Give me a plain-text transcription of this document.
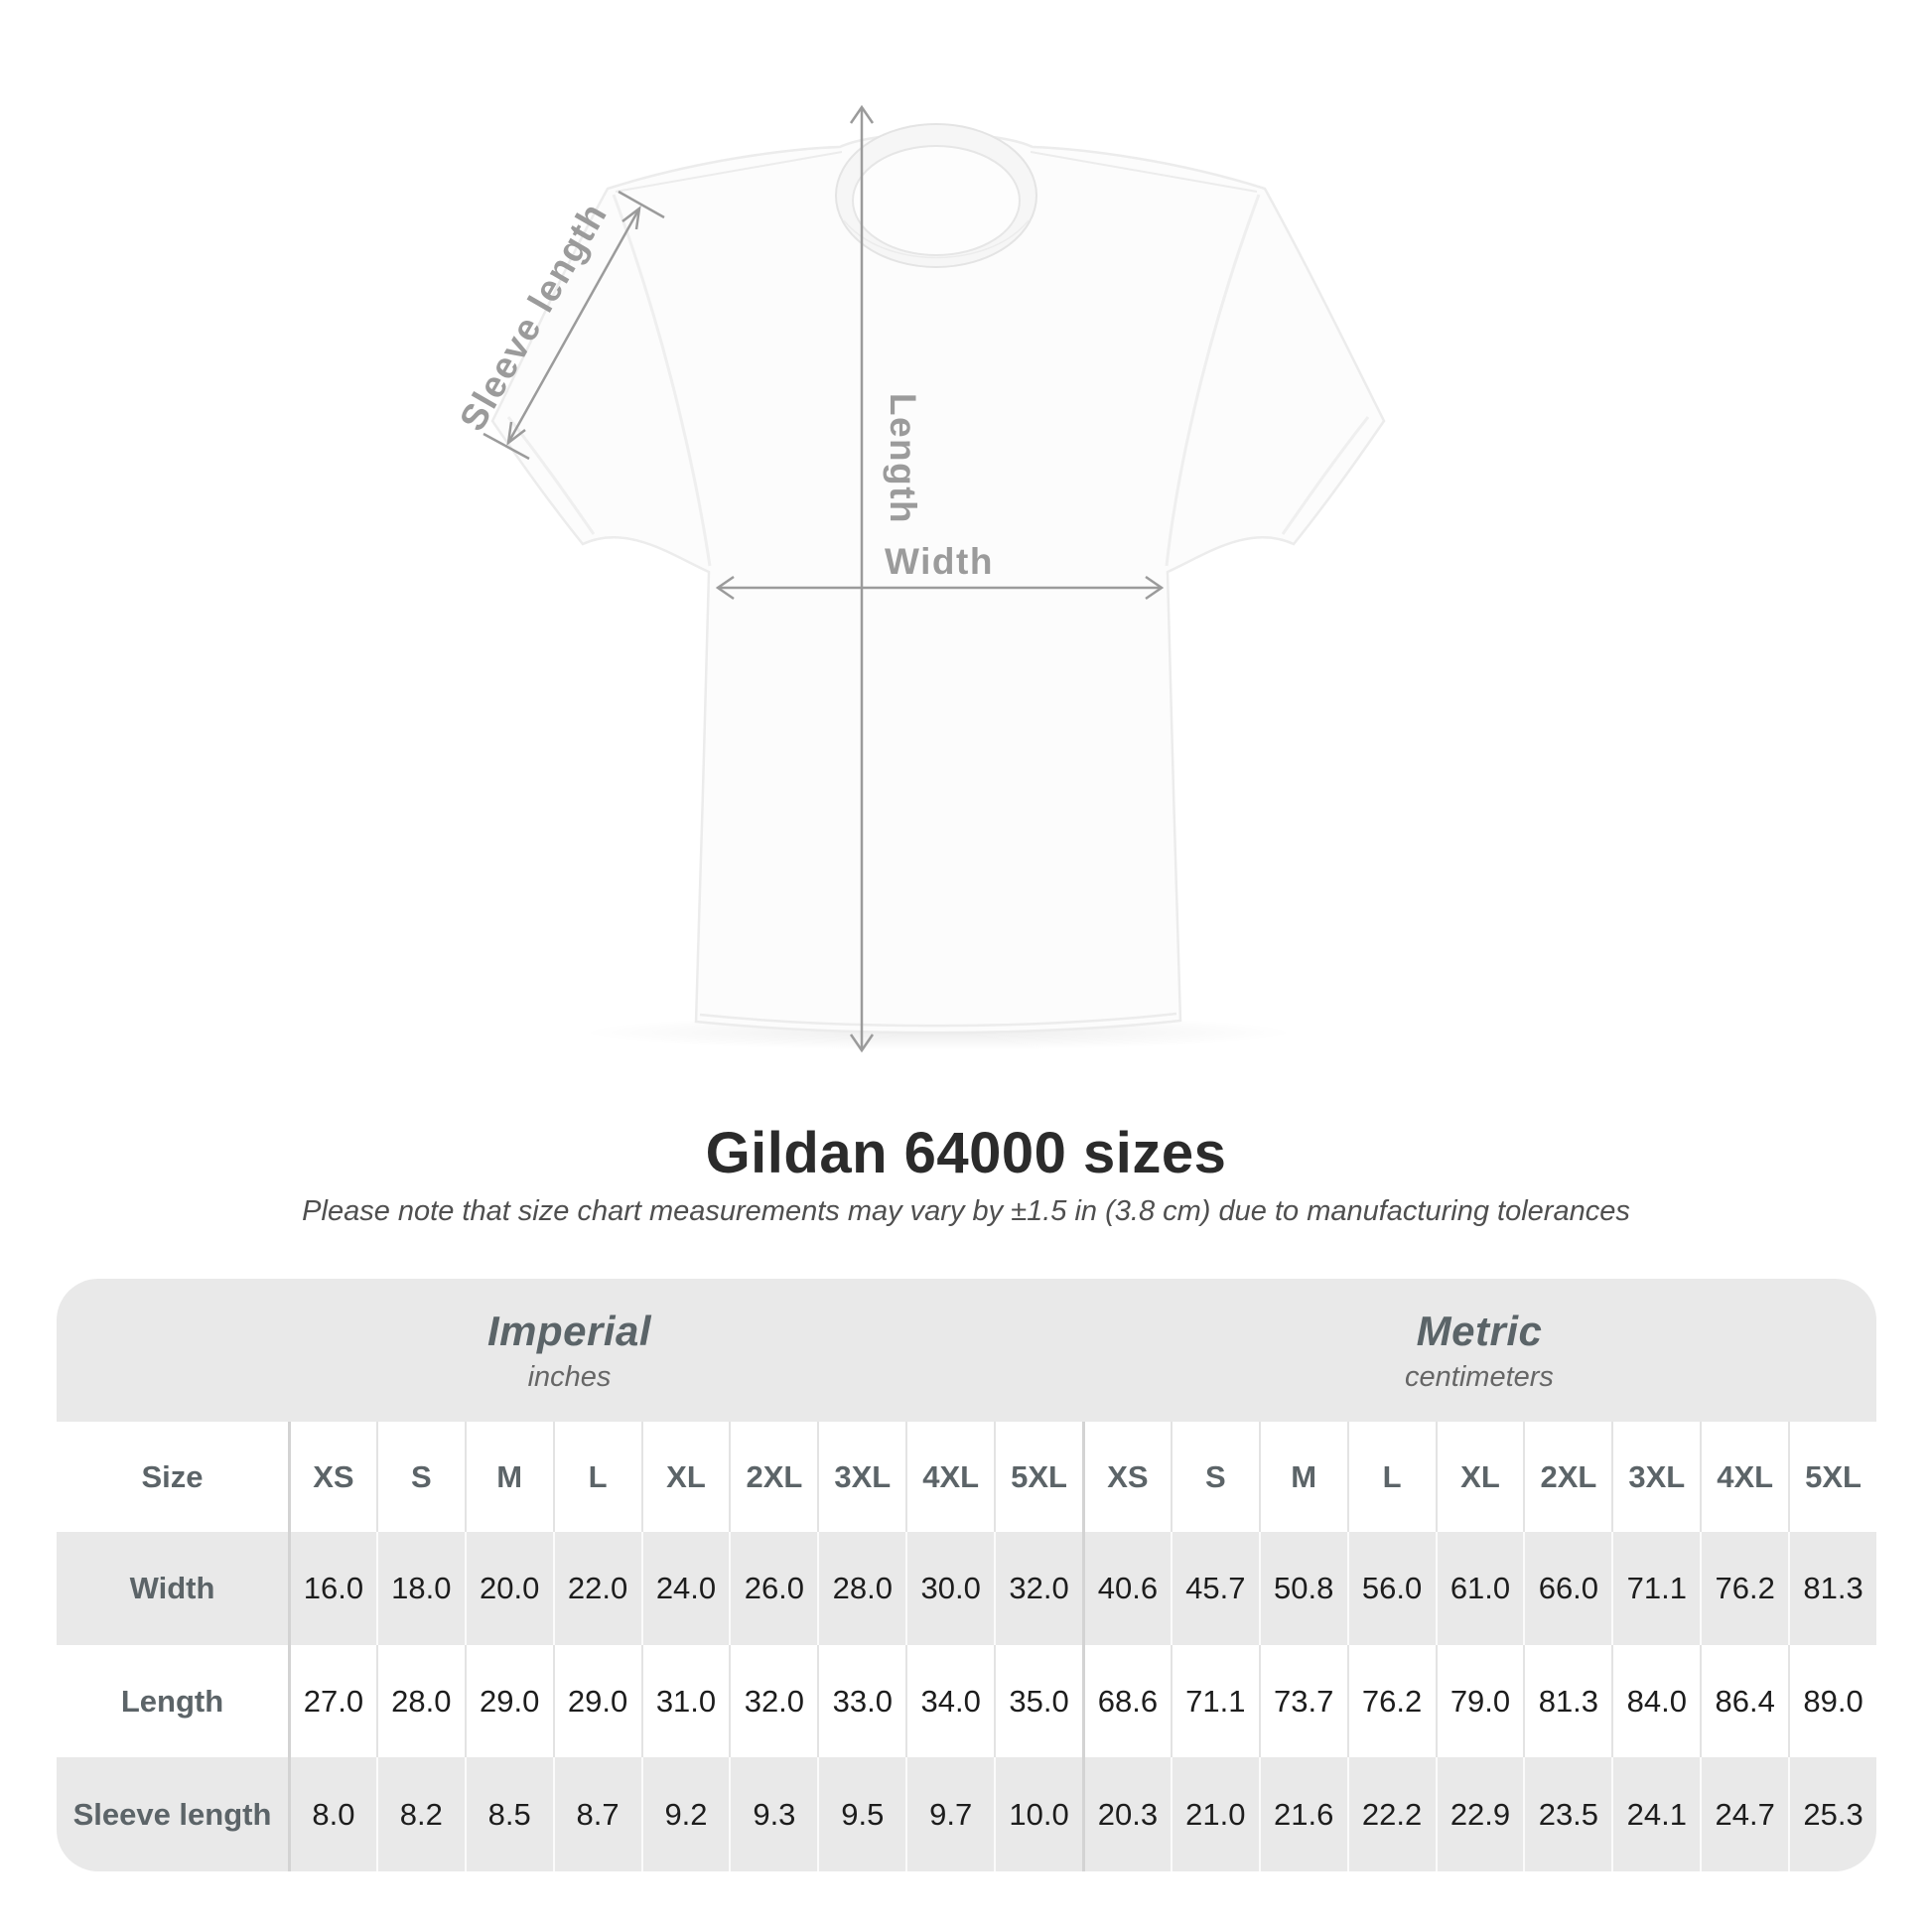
Length
Width
Sleeve length
Gildan 64000 sizes
Please note that size chart measurements may vary by ±1.5 in (3.8 cm) due to manufacturing tolerances
Imperial
inches
Metric
centimeters
Size	XS	S	M	L	XL	2XL	3XL	4XL	5XL	XS	S	M	L	XL	2XL	3XL	4XL	5XL
Width	16.0 18.0 20.0 22.0 24.0 26.0 28.0 30.0 32.0 40.6 45.7 50.8 56.0 61.0 66.0 71.1 76.2 81.3
Length	27.0 28.0 29.0 29.0 31.0 32.0 33.0 34.0 35.0 68.6 71.1 73.7 76.2 79.0 81.3 84.0 86.4 89.0
Sleeve length	8.0	8.2	8.5	8.7	9.2	9.3	9.5	9.7	10.0 20.3 21.0 21.6 22.2 22.9 23.5 24.1 24.7 25.3
